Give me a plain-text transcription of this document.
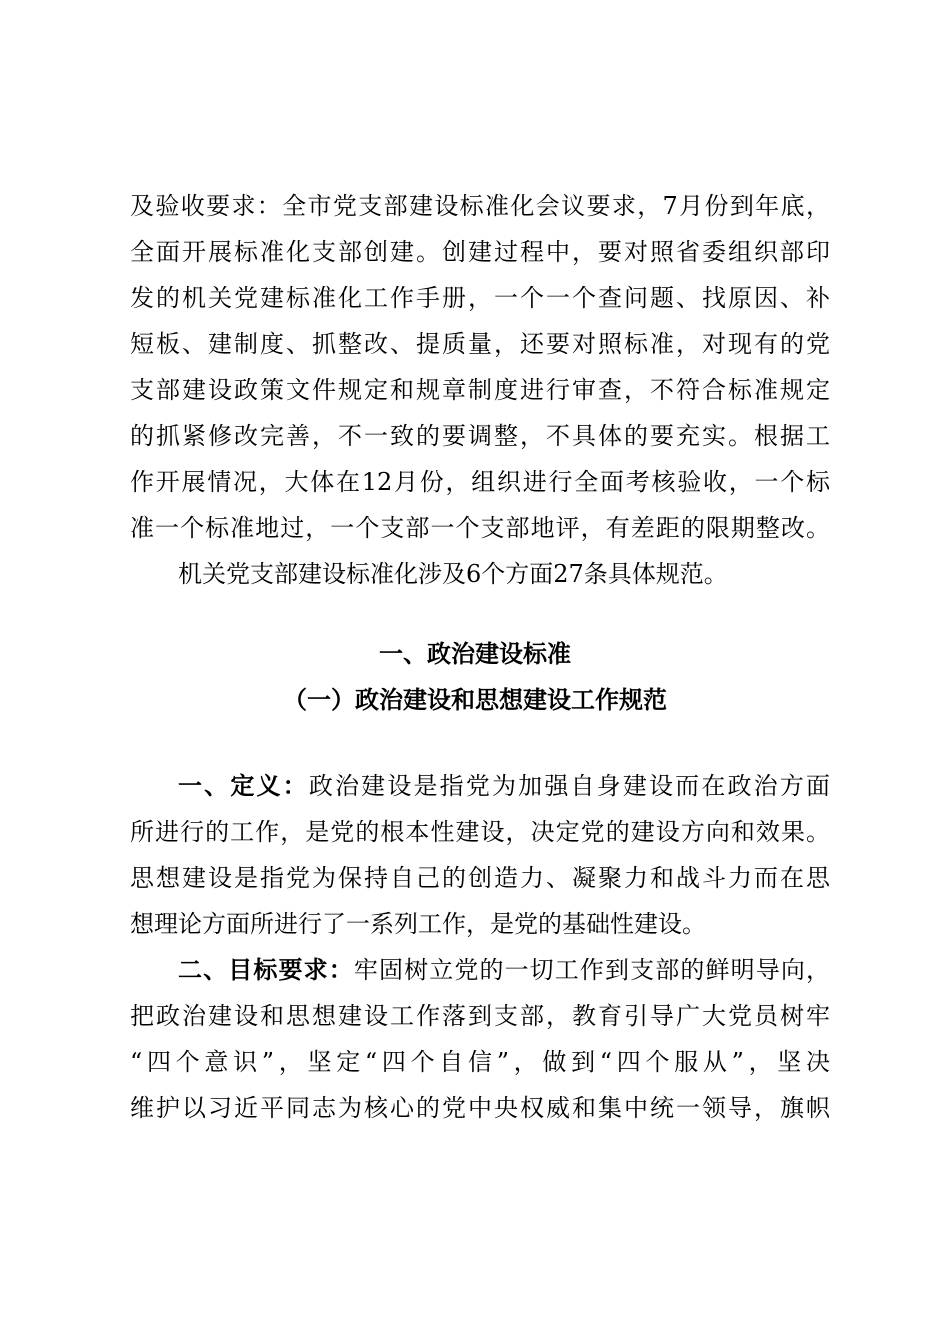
及验收要求：全市党支部建设标准化会议要求，7月份到年底，
全面开展标准化支部创建。创建过程中，要对照省委组织部印
发的机关党建标准化工作手册，一个一个查问题、找原因、补
短板、建制度、抓整改、提质量，还要对照标准，对现有的党
支部建设政策文件规定和规章制度进行审查，不符合标准规定
的抓紧修改完善，不一致的要调整，不具体的要充实。根据工
作开展情况，大体在12月份，组织进行全面考核验收，一个标
准一个标准地过，一个支部一个支部地评，有差距的限期整改。
机关党支部建设标准化涉及6个方面27条具体规范。
一、政治建设标准
（一）政治建设和思想建设工作规范
一、定义：政治建设是指党为加强自身建设而在政治方面
所进行的工作，是党的根本性建设，决定党的建设方向和效果。
思想建设是指党为保持自己的创造力、凝聚力和战斗力而在思
想理论方面所进行了一系列工作，是党的基础性建设。
二、目标要求：牢固树立党的一切工作到支部的鲜明导向，
把政治建设和思想建设工作落到支部，教育引导广大党员树牢
“四个意识”，坚定“四个自信”，做到“四个服从”，坚决
维护以习近平同志为核心的党中央权威和集中统一领导，旗帜
